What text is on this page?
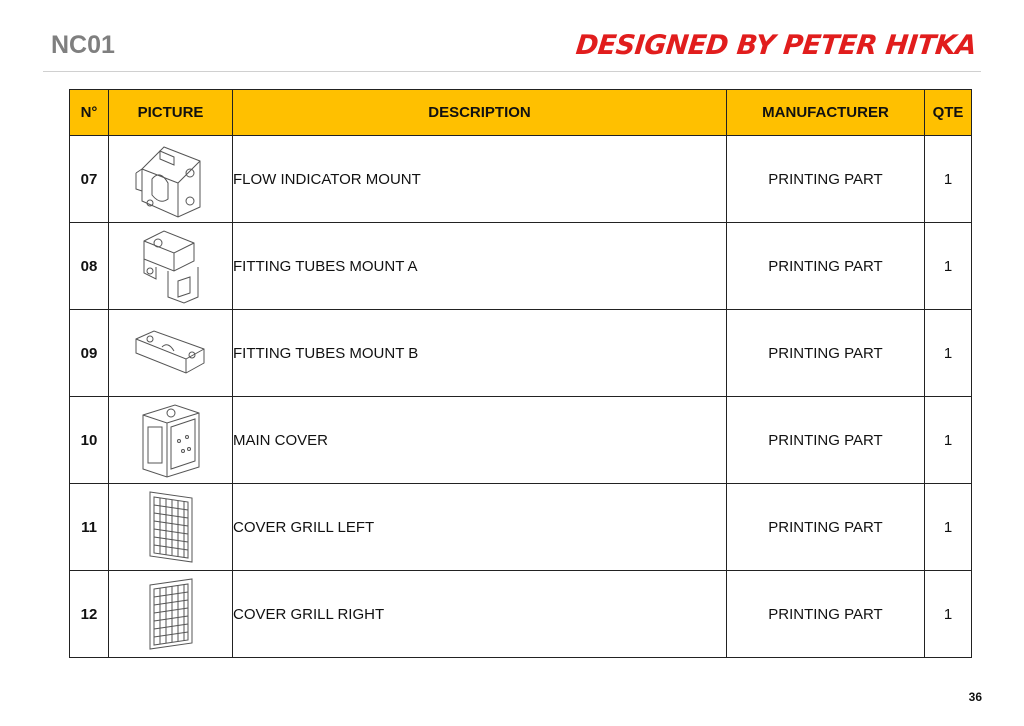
NC01	DESIGNED BY PETER HITKA
N°	PICTURE	DESCRIPTION	MANUFACTURER	QTE
07		FLOW INDICATOR MOUNT	PRINTING PART	1
08		FITTING TUBES MOUNT A	PRINTING PART	1
09		FITTING TUBES MOUNT B	PRINTING PART	1
10		MAIN COVER	PRINTING PART	1
11		COVER GRILL LEFT	PRINTING PART	1
12		COVER GRILL RIGHT	PRINTING PART	1
36
